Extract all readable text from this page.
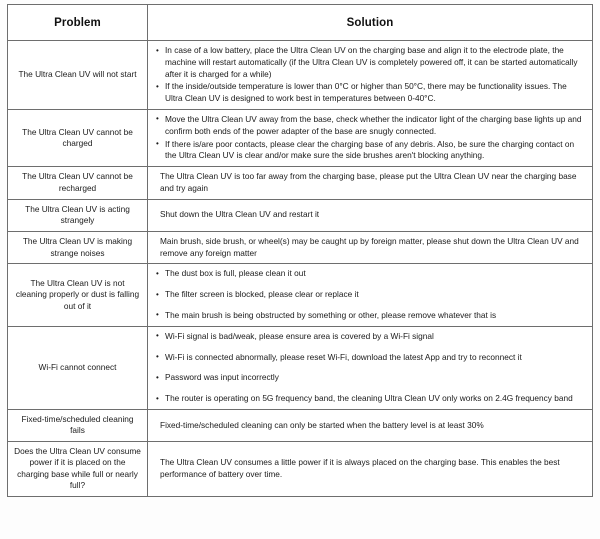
Problem	Solution
The Ultra Clean UV will not start	
• In case of a low battery, place the Ultra Clean UV on the charging base and align it to the electrode plate, the machine will restart automatically (if the Ultra Clean UV is completely powered off, it can be started automatically after it is charged for a while)
• If the inside/outside temperature is lower than 0°C or higher than 50°C, there may be functionality issues. The Ultra Clean UV is designed to work best in temperatures between 0-40°C.

The Ultra Clean UV cannot be charged	
• Move the Ultra Clean UV away from the base, check whether the indicator light of the charging base lights up and confirm both ends of the power adapter of the base are snugly connected.
• If there is/are poor contacts, please clear the charging base of any debris. Also, be sure the charging contact on the Ultra Clean UV is clear and/or make sure the side brushes aren't blocking anything.

The Ultra Clean UV cannot be recharged	The Ultra Clean UV is too far away from the charging base, please put the Ultra Clean UV near the charging base and try again

The Ultra Clean UV is acting strangely	Shut down the Ultra Clean UV and restart it

The Ultra Clean UV is making strange noises	Main brush, side brush, or wheel(s) may be caught up by foreign matter, please shut down the Ultra Clean UV and remove any foreign matter

The Ultra Clean UV is not cleaning properly or dust is falling out of it	
• The dust box is full, please clean it out
• The filter screen is blocked, please clear or replace it
• The main brush is being obstructed by something or other, please remove whatever that is

Wi-Fi cannot connect	
• Wi-Fi signal is bad/weak, please ensure area is covered by a Wi-Fi signal
• Wi-Fi is connected abnormally, please reset Wi-Fi, download the latest App and try to reconnect it
• Password was input incorrectly
• The router is operating on 5G frequency band, the cleaning Ultra Clean UV only works on 2.4G frequency band

Fixed-time/scheduled cleaning fails	Fixed-time/scheduled cleaning can only be started when the battery level is at least 30%

Does the Ultra Clean UV consume power if it is placed on the charging base while full or nearly full?	The Ultra Clean UV consumes a little power if it is always placed on the charging base. This enables the best performance of battery over time.
